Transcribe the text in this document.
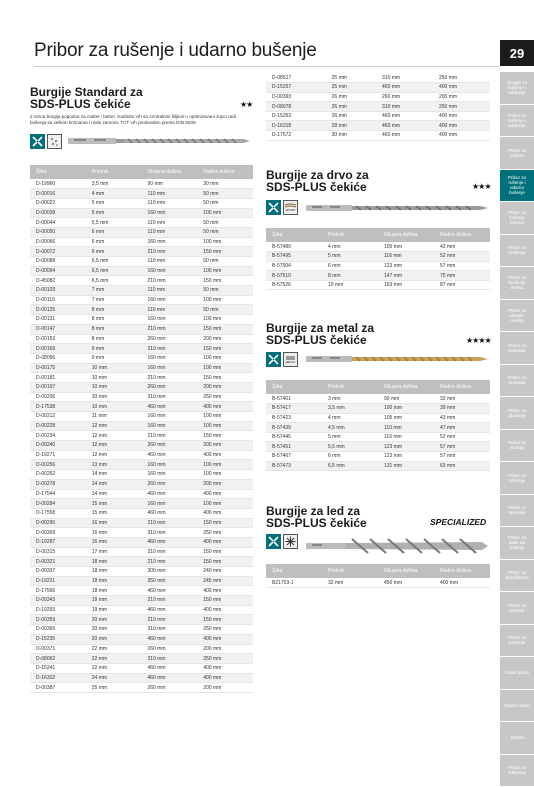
Pribor za rušenje i udarno bušenje	29
Burgije za bušenje i odvijanje
Pribor za bušenje i odvijanje
Pribor za testere
Pribor za rušenje i udarno bušenje
Pribor za bušenje betona
Pribor za brušenje
Pribor za brušenje drveta
Pribor za obradu metala
Pribor za poliranje
Pribor za prskanje
Pribor za glodanje
Pribor za rezanje
Pribor za oštrenje
Pribor za ravnanje
Pribor za alate na baterije
Pribor za skladištenje
Pribor za rasvetu
Pribor za merenje
Ostali pribor
Radno odelo
Zaštita
Pribor za vrtlarstvo
Burgije Standard za
SDS-PLUS čekiće	★★
2 rezna burgija pogodna za malter i beton. Karbidni vrh sa centralnim šiljkom i optimizovani zupci radi bušenja sa velikim brzinama i malo zamora. TCT vrh proizveden prema DIN 8039.
Šifra	Prečnik	Ukupna dužina	Radna dužina
D-19960	3,5 mm	90 mm	30 mm
D-00016	4 mm	110 mm	50 mm
D-00022	5 mm	110 mm	50 mm
D-00038	5 mm	160 mm	100 mm
D-00044	5,5 mm	110 mm	50 mm
D-00050	6 mm	110 mm	50 mm
D-00066	6 mm	160 mm	100 mm
D-00072	6 mm	210 mm	150 mm
D-00088	6,5 mm	110 mm	50 mm
D-00094	6,5 mm	160 mm	100 mm
D-45082	6,5 mm	210 mm	150 mm
D-00103	7 mm	110 mm	50 mm
D-00119	7 mm	160 mm	100 mm
D-00125	8 mm	110 mm	50 mm
D-00131	8 mm	160 mm	100 mm
D-00147	8 mm	210 mm	150 mm
D-00153	8 mm	260 mm	200 mm
D-00169	9 mm	210 mm	150 mm
D-08056	9 mm	160 mm	100 mm
D-00175	10 mm	160 mm	100 mm
D-00181	10 mm	210 mm	150 mm
D-00197	10 mm	260 mm	200 mm
D-00206	10 mm	310 mm	250 mm
D-17538	10 mm	460 mm	400 mm
D-00212	11 mm	160 mm	100 mm
D-00228	12 mm	160 mm	100 mm
D-00234	12 mm	210 mm	150 mm
D-00240	12 mm	260 mm	200 mm
D-19271	12 mm	460 mm	400 mm
D-00256	13 mm	160 mm	100 mm
D-00262	14 mm	160 mm	100 mm
D-00278	14 mm	260 mm	200 mm
D-17544	14 mm	460 mm	400 mm
D-00284	15 mm	160 mm	100 mm
D-17558	15 mm	460 mm	400 mm
D-00290	16 mm	210 mm	150 mm
D-00309	16 mm	310 mm	250 mm
D-19287	16 mm	460 mm	400 mm
D-00315	17 mm	210 mm	150 mm
D-00321	18 mm	210 mm	150 mm
D-00337	18 mm	300 mm	240 mm
D-19221	18 mm	350 mm	245 mm
D-17566	18 mm	460 mm	400 mm
D-00343	19 mm	210 mm	150 mm
D-19293	19 mm	460 mm	400 mm
D-00359	20 mm	210 mm	150 mm
D-00365	20 mm	310 mm	250 mm
D-15235	20 mm	460 mm	400 mm
D-00371	22 mm	260 mm	200 mm
D-08062	22 mm	310 mm	250 mm
D-15241	22 mm	460 mm	400 mm
D-16302	24 mm	460 mm	400 mm
D-00387	25 mm	260 mm	200 mm
D-08517	25 mm	310 mm	250 mm
D-15257	25 mm	460 mm	400 mm
D-00393	26 mm	260 mm	200 mm
D-08078	26 mm	310 mm	250 mm
D-15263	26 mm	460 mm	400 mm
D-16318	28 mm	460 mm	400 mm
D-17572	30 mm	460 mm	400 mm
Burgije za drvo za
SDS-PLUS čekiće	★★★
WOOD
Šifra	Prečnik	Ukupna dužina	Radna dužina
B-57489	4 mm	105 mm	43 mm
B-57495	5 mm	116 mm	52 mm
B-57504	6 mm	123 mm	57 mm
B-57510	8 mm	147 mm	75 mm
B-57526	10 mm	163 mm	87 mm
Burgije za metal za
SDS-PLUS čekiće	★★★★
METAL
Šifra	Prečnik	Ukupna dužina	Radna dužina
B-57401	3 mm	90 mm	33 mm
B-57417	3,5 mm	100 mm	39 mm
B-57423	4 mm	105 mm	43 mm
B-57439	4,5 mm	110 mm	47 mm
B-57445	5 mm	116 mm	52 mm
B-57451	5,5 mm	123 mm	57 mm
B-57467	6 mm	123 mm	57 mm
B-57473	6,5 mm	131 mm	63 mm
Burgije za led za
SDS-PLUS čekiće	SPECIALIZED
Šifra	Prečnik	Ukupna dužina	Radna dužina
B21703-1	32 mm	450 mm	400 mm
